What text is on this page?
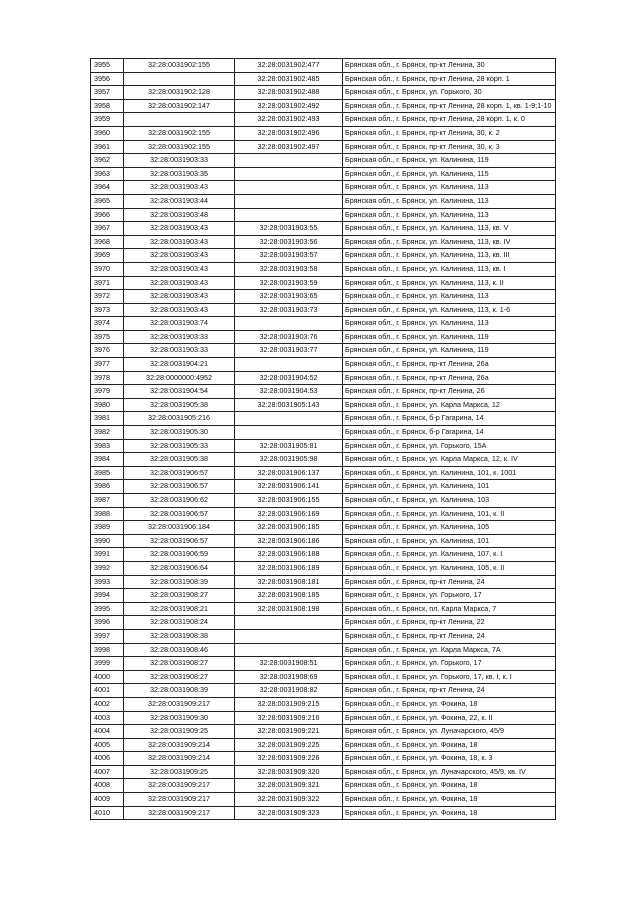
3955	32:28:0031902:155	32:28:0031902:477	Брянская обл., г. Брянск, пр-кт Ленина, 30
3956		32:28:0031902:485	Брянская обл., г. Брянск, пр-кт Ленина, 28 корп. 1
3957	32:28:0031902:128	32:28:0031902:488	Брянская обл., г. Брянск, ул. Горького, 30
3958	32:28:0031902:147	32:28:0031902:492	Брянская обл., г. Брянск, пр-кт Ленина, 28 корп. 1, кв. 1-9;1-10
3959		32:28:0031902:493	Брянская обл., г. Брянск, пр-кт Ленина, 28 корп. 1, к. 0
3960	32:28:0031902:155	32:28:0031902:496	Брянская обл., г. Брянск, пр-кт Ленина, 30, к. 2
3961	32:28:0031902:155	32:28:0031902:497	Брянская обл., г. Брянск, пр-кт Ленина, 30, к. 3
3962	32:28:0031903:33		Брянская обл., г. Брянск, ул. Калинина, 119
3963	32:28:0031903:35		Брянская обл., г. Брянск, ул. Калинина, 115
3964	32:28:0031903:43		Брянская обл., г. Брянск, ул. Калинина, 113
3965	32:28:0031903:44		Брянская обл., г. Брянск, ул. Калинина, 113
3966	32:28:0031903:48		Брянская обл., г. Брянск, ул. Калинина, 113
3967	32:28:0031903:43	32:28:0031903:55	Брянская обл., г. Брянск, ул. Калинина, 113, кв. V
3968	32:28:0031903:43	32:28:0031903:56	Брянская обл., г. Брянск, ул. Калинина, 113, кв. IV
3969	32:28:0031903:43	32:28:0031903:57	Брянская обл., г. Брянск, ул. Калинина, 113, кв. III
3970	32:28:0031903:43	32:28:0031903:58	Брянская обл., г. Брянск, ул. Калинина, 113, кв. I
3971	32:28:0031903:43	32:28:0031903:59	Брянская обл., г. Брянск, ул. Калинина, 113, к. II
3972	32:28:0031903:43	32:28:0031903:65	Брянская обл., г. Брянск, ул. Калинина, 113
3973	32:28:0031903:43	32:28:0031903:73	Брянская обл., г. Брянск, ул. Калинина, 113, к. 1-6
3974	32:28:0031903:74		Брянская обл., г. Брянск, ул. Калинина, 113
3975	32:28:0031903:33	32:28:0031903:76	Брянская обл., г. Брянск, ул. Калинина, 119
3976	32:28:0031903:33	32:28:0031903:77	Брянская обл., г. Брянск, ул. Калинина, 119
3977	32:28:0031904:21		Брянская обл., г. Брянск, пр-кт Ленина, 26а
3978	32:28:0000000:4952	32:28:0031904:52	Брянская обл., г. Брянск, пр-кт Ленина, 26а
3979	32:28:0031904:54	32:28:0031904:53	Брянская обл., г. Брянск, пр-кт Ленина, 26
3980	32:28:0031905:38	32:28:0031905:143	Брянская обл., г. Брянск, ул. Карла Маркса, 12
3981	32:28:0031905:216		Брянская обл., г. Брянск, б-р Гагарина, 14
3982	32:28:0031905:30		Брянская обл., г. Брянск, б-р Гагарина, 14
3983	32:28:0031905:33	32:28:0031905:81	Брянская обл., г. Брянск, ул. Горького, 15А
3984	32:28:0031905:38	32:28:0031905:98	Брянская обл., г. Брянск, ул. Карла Маркса, 12, к. IV
3985	32:28:0031906:57	32:28:0031906:137	Брянская обл., г. Брянск, ул. Калинина, 101, к. 1001
3986	32:28:0031906:57	32:28:0031906:141	Брянская обл., г. Брянск, ул. Калинина, 101
3987	32:28:0031906:62	32:28:0031906:155	Брянская обл., г. Брянск, ул. Калинина, 103
3988	32:28:0031906:57	32:28:0031906:169	Брянская обл., г. Брянск, ул. Калинина, 101, к. II
3989	32:28:0031906:184	32:28:0031906:185	Брянская обл., г. Брянск, ул. Калинина, 105
3990	32:28:0031906:57	32:28:0031906:186	Брянская обл., г. Брянск, ул. Калинина, 101
3991	32:28:0031906:59	32:28:0031906:188	Брянская обл., г. Брянск, ул. Калинина, 107, к. I
3992	32:28:0031906:64	32:28:0031906:189	Брянская обл., г. Брянск, ул. Калинина, 105, к. II
3993	32:28:0031908:39	32:28:0031908:181	Брянская обл., г. Брянск, пр-кт Ленина, 24
3994	32:28:0031908:27	32:28:0031908:185	Брянская обл., г. Брянск, ул. Горького, 17
3995	32:28:0031908:21	32:28:0031908:198	Брянская обл., г. Брянск, пл. Карла Маркса, 7
3996	32:28:0031908:24		Брянская обл., г. Брянск, пр-кт Ленина, 22
3997	32:28:0031908:38		Брянская обл., г. Брянск, пр-кт Ленина, 24
3998	32:28:0031908:46		Брянская обл., г. Брянск, ул. Карла Маркса, 7А
3999	32:28:0031908:27	32:28:0031908:51	Брянская обл., г. Брянск, ул. Горького, 17
4000	32:28:0031908:27	32:28:0031908:69	Брянская обл., г. Брянск, ул. Горького, 17, кв. I, к. I
4001	32:28:0031908:39	32:28:0031908:82	Брянская обл., г. Брянск, пр-кт Ленина, 24
4002	32:28:0031909:217	32:28:0031909:215	Брянская обл., г. Брянск, ул. Фокина, 18
4003	32:28:0031909:30	32:28:0031909:216	Брянская обл., г. Брянск, ул. Фокина, 22, к. II
4004	32:28:0031909:25	32:28:0031909:221	Брянская обл., г. Брянск, ул. Луначарского, 45/9
4005	32:28:0031909:214	32:28:0031909:225	Брянская обл., г. Брянск, ул. Фокина, 18
4006	32:28:0031909:214	32:28:0031909:226	Брянская обл., г. Брянск, ул. Фокина, 18, к. 3
4007	32:28:0031909:25	32:28:0031909:320	Брянская обл., г. Брянск, ул. Луначарского, 45/9, кв. IV
4008	32:28:0031909:217	32:28:0031909:321	Брянская обл., г. Брянск, ул. Фокина, 18
4009	32:28:0031909:217	32:28:0031909:322	Брянская обл., г. Брянск, ул. Фокина, 18
4010	32:28:0031909:217	32:28:0031909:323	Брянская обл., г. Брянск, ул. Фокина, 18
